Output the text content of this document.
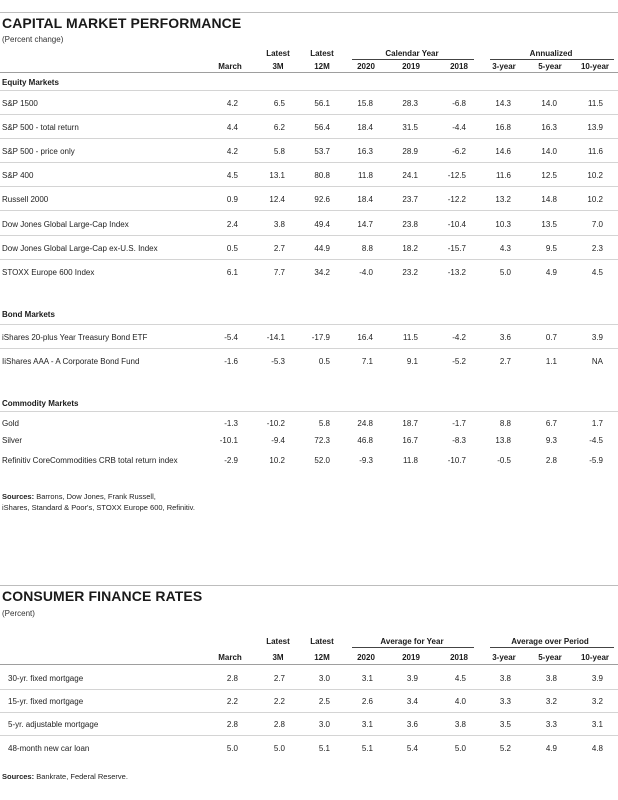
CAPITAL MARKET PERFORMANCE
(Percent change)
Latest	Latest	Calendar Year	Annualized
March	3M	12M	2020	2019	2018	3-year	5-year 10-year
Equity Markets
S&P 1500	4.2	6.5	56.1	15.8	28.3	-6.8	14.3	14.0	11.5
S&P 500 - total return	4.4	6.2	56.4	18.4	31.5	-4.4	16.8	16.3	13.9
S&P 500 - price only	4.2	5.8	53.7	16.3	28.9	-6.2	14.6	14.0	11.6
S&P 400	4.5	13.1	80.8	11.8	24.1	-12.5	11.6	12.5	10.2
Russell 2000	0.9	12.4	92.6	18.4	23.7	-12.2	13.2	14.8	10.2
Dow Jones Global Large-Cap Index	2.4	3.8	49.4	14.7	23.8	-10.4	10.3	13.5	7.0
Dow Jones Global Large-Cap ex-U.S. Index	0.5	2.7	44.9	8.8	18.2	-15.7	4.3	9.5	2.3
STOXX Europe 600 Index	6.1	7.7	34.2	-4.0	23.2	-13.2	5.0	4.9	4.5
Bond Markets
iShares 20-plus Year Treasury Bond ETF	-5.4	-14.1	-17.9	16.4	11.5	-4.2	3.6	0.7	3.9
IiShares AAA - A Corporate Bond Fund	-1.6	-5.3	0.5	7.1	9.1	-5.2	2.7	1.1	NA
Commodity Markets
Gold	-1.3	-10.2	5.8	24.8	18.7	-1.7	8.8	6.7	1.7
Silver	-10.1	-9.4	72.3	46.8	16.7	-8.3	13.8	9.3	-4.5
Refinitiv CoreCommodities CRB total return index	-2.9	10.2	52.0	-9.3	11.8	-10.7	-0.5	2.8	-5.9
Sources: Barrons, Dow Jones, Frank Russell,
iShares, Standard & Poor's, STOXX Europe 600, Refinitiv.
CONSUMER FINANCE RATES
(Percent)
Latest	Latest	Average for Year	Average over Period
March	3M	12M	2020	2019	2018	3-year	5-year 10-year
30-yr. fixed mortgage	2.8	2.7	3.0	3.1	3.9	4.5	3.8	3.8	3.9
15-yr. fixed mortgage	2.2	2.2	2.5	2.6	3.4	4.0	3.3	3.2	3.2
5-yr. adjustable mortgage	2.8	2.8	3.0	3.1	3.6	3.8	3.5	3.3	3.1
48-month new car loan	5.0	5.0	5.1	5.1	5.4	5.0	5.2	4.9	4.8
Sources: Bankrate, Federal Reserve.
